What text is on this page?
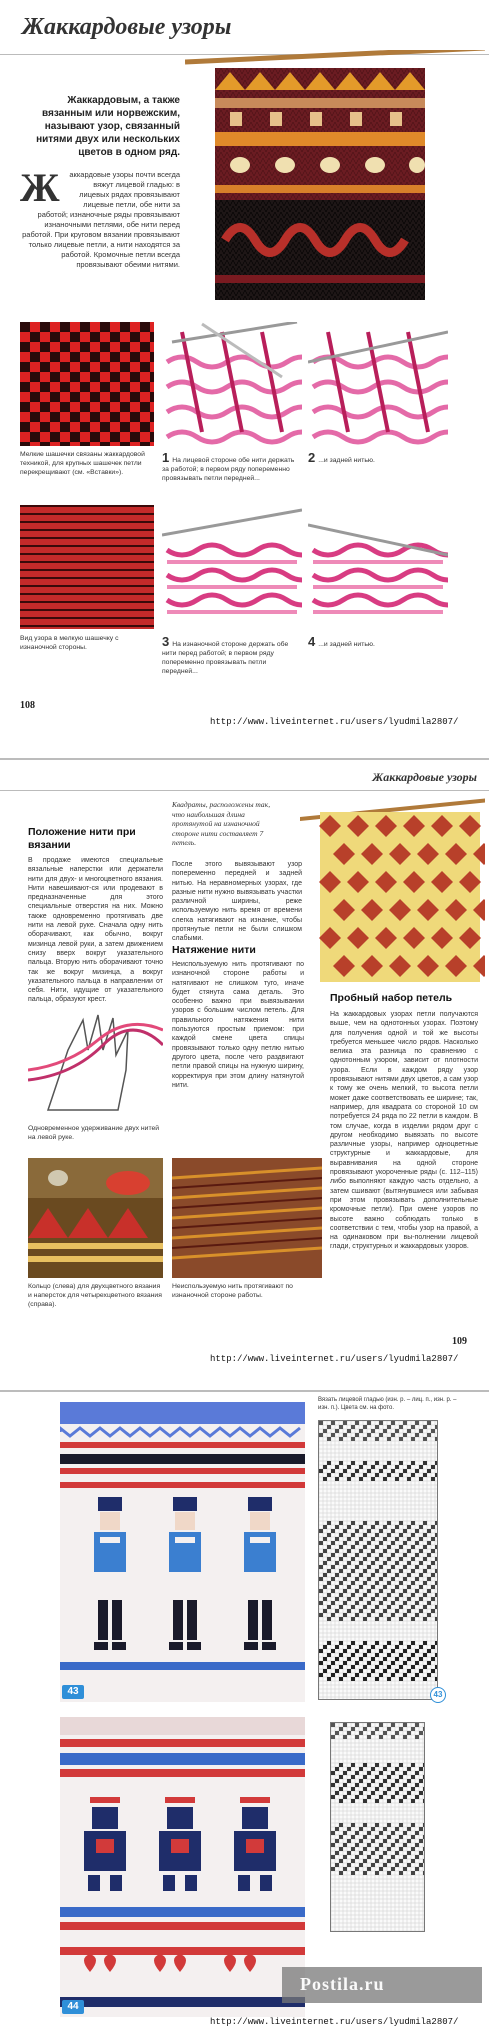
Жаккардовые узоры
Жаккардовым, а также вязанным или норвежским, называют узор, связанный нитями двух или нескольких цветов в одном ряд.
Ж аккардовые узоры почти всегда вяжут лицевой гладью: в лицевых рядах провязывают лицевые петли, обе нити за работой; изнаночные ряды провязывают изнаночными петлями, обе нити перед работой. При круговом вязании провязывают только лицевые петли, а нити находятся за работой. Кромочные петли всегда провязывают обеими нитями.
Мелкие шашечки связаны жаккардовой техникой, для крупных шашечек петли перекрещивают (см. «Вставки»).
1 На лицевой стороне обе нити держать за работой; в первом ряду попеременно провязывать петли передней...
2 ...и задней нитью.
Вид узора в мелкую шашечку с изнаночной стороны.	3 На изнаночной стороне держать обе нити перед работой; в первом ряду попеременно провязывать петли передней...
4 ...и задней нитью.
108
http://www.liveinternet.ru/users/lyudmila2807/
Жаккардовые узоры
Положение нити при вязании
В продаже имеются специальные вязальные наперстки или держатели нити для двух- и многоцветного вязания. Нити навешивают-ся или продевают в предназначенные для этого специальные отверстия на них. Можно также одновременно протягивать две нити на левой руке. Сначала одну нить оборачивают, как обычно, вокруг мизинца левой руки, а затем движением снизу вверх вокруг указательного пальца. Вторую нить оборачивают точно так же вокруг мизинца, а вокруг указательного пальца в направлении от себя. Нити, идущие от указательного пальца, образуют крест.
Квадраты, расположены так, что наибольшая длина протянутой на изнаночной стороне нити составляет 7 петель.
После этого вывязывают узор попеременно передней и задней нитью. На неравномерных узорах, где разные нити нужно вывязывать участки различной ширины, реже используемую нить время от времени слегка натягивают на изнанке, чтобы протянутые петли не были слишком слабыми.
Натяжение нити
Неиспользуемую нить протягивают по изнаночной стороне работы и натягивают не слишком туго, иначе будет стянута сама деталь. Это особенно важно при вывязывании узоров с большим числом петель. Для правильного натяжения нити пользуются простым приемом: при каждой смене цвета спицы провязывают только одну петлю нитью другого цвета, после чего раздвигают петли правой спицы на нужную ширину, корректируя при этом длину натянутой нити.
Пробный набор петель
На жаккардовых узорах петли получаются выше, чем на однотонных узорах. Поэтому для получения одной и той же высоты требуется меньшее число рядов. Насколько велика эта разница по сравнению с однотонным узором, зависит от плотности узора. Если в каждом ряду узор провязывают нитями двух цветов, а сам узор к тому же очень мелкий, то высота петли может даже соответствовать ее ширине; так, например, для квадрата со стороной 10 см потребуется 24 ряда по 22 петли в каждом. В том случае, когда в изделии рядом друг с другом необходимо вывязать по высоте различные узоры, например одноцветные структурные и жаккардовые, для выравнивания на одной стороне провязывают укороченные ряды (с. 112–115) либо выполняют каждую часть отдельно, а затем сшивают (вытянувшиеся или забывая при этом провязывать дополнительные кромочные петли). При смене узоров по высоте важно соблюдать только в соответствии с тем, чтобы узор на правой, а на одинаковом при вы-полнении лицевой глади, структурных и жаккардовых узоров.
Одновременное удерживание двух нитей на левой руке.
Кольцо (слева) для двухцветного вязания и наперсток для четырехцветного вязания (справа).
Неиспользуемую нить протягивают по изнаночной стороне работы.
109
http://www.liveinternet.ru/users/lyudmila2807/
43
Вязать лицевой гладью (изн. р. – лиц. п., изн. р. – изн. п.). Цвета см. на фото.
43
44
Postila.ru
http://www.liveinternet.ru/users/lyudmila2807/
